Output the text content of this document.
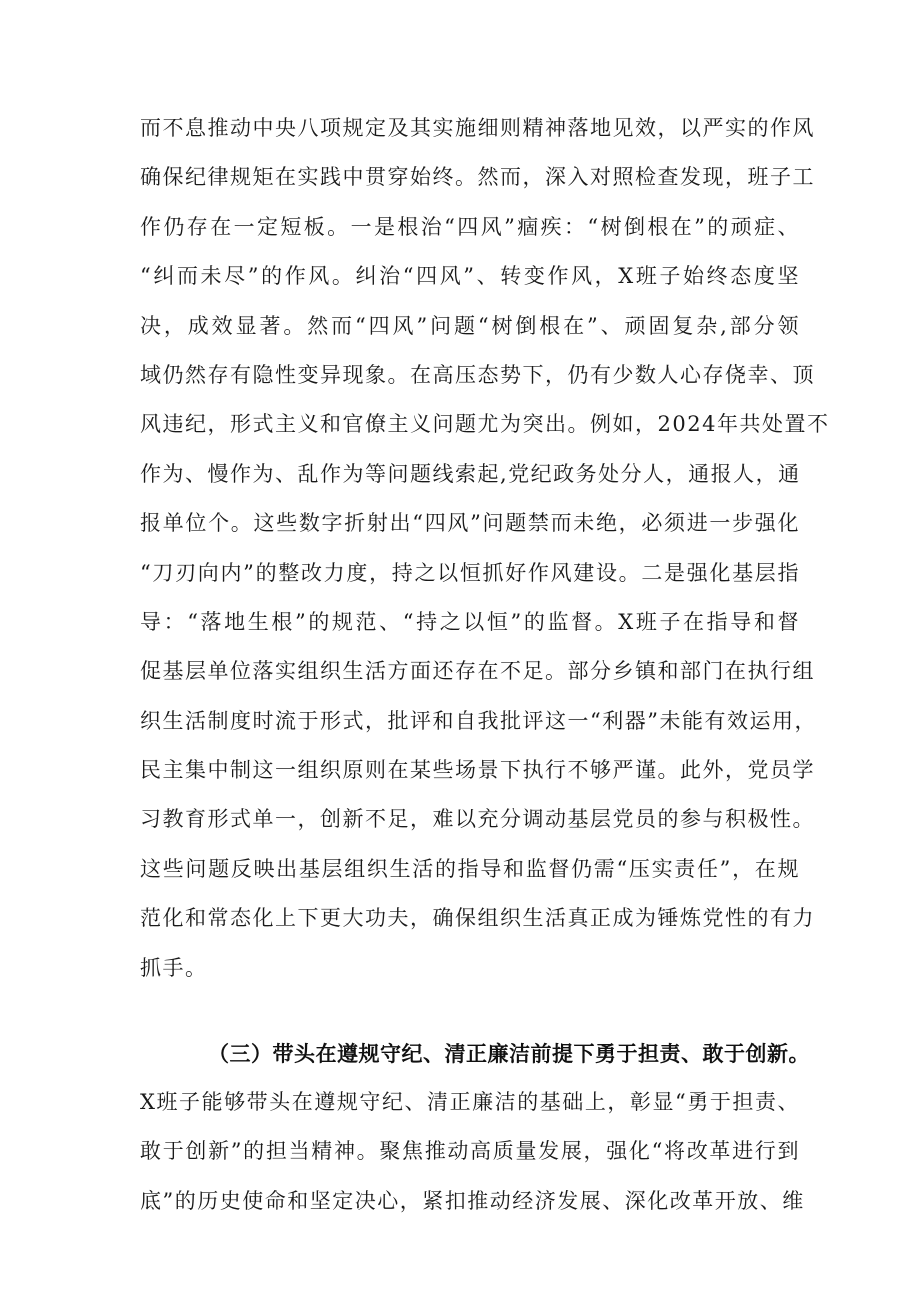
而不息推动中央八项规定及其实施细则精神落地见效，以严实的作风
确保纪律规矩在实践中贯穿始终。然而，深入对照检查发现，班子工
作仍存在一定短板。一是根治“四风”痼疾：“树倒根在”的顽症、
“纠而未尽”的作风。纠治“四风”、转变作风，X班子始终态度坚
决，成效显著。然而“四风”问题“树倒根在”、顽固复杂,部分领
域仍然存有隐性变异现象。在高压态势下，仍有少数人心存侥幸、顶
风违纪，形式主义和官僚主义问题尤为突出。例如，2024年共处置不
作为、慢作为、乱作为等问题线索起,党纪政务处分人，通报人，通
报单位个。这些数字折射出“四风”问题禁而未绝，必须进一步强化
“刀刃向内”的整改力度，持之以恒抓好作风建设。二是强化基层指
导：“落地生根”的规范、“持之以恒”的监督。X班子在指导和督
促基层单位落实组织生活方面还存在不足。部分乡镇和部门在执行组
织生活制度时流于形式，批评和自我批评这一“利器”未能有效运用，
民主集中制这一组织原则在某些场景下执行不够严谨。此外，党员学
习教育形式单一，创新不足，难以充分调动基层党员的参与积极性。
这些问题反映出基层组织生活的指导和监督仍需“压实责任”，在规
范化和常态化上下更大功夫，确保组织生活真正成为锤炼党性的有力
抓手。
（三）带头在遵规守纪、清正廉洁前提下勇于担责、敢于创新。
X班子能够带头在遵规守纪、清正廉洁的基础上，彰显“勇于担责、
敢于创新”的担当精神。聚焦推动高质量发展，强化“将改革进行到
底”的历史使命和坚定决心，紧扣推动经济发展、深化改革开放、维
